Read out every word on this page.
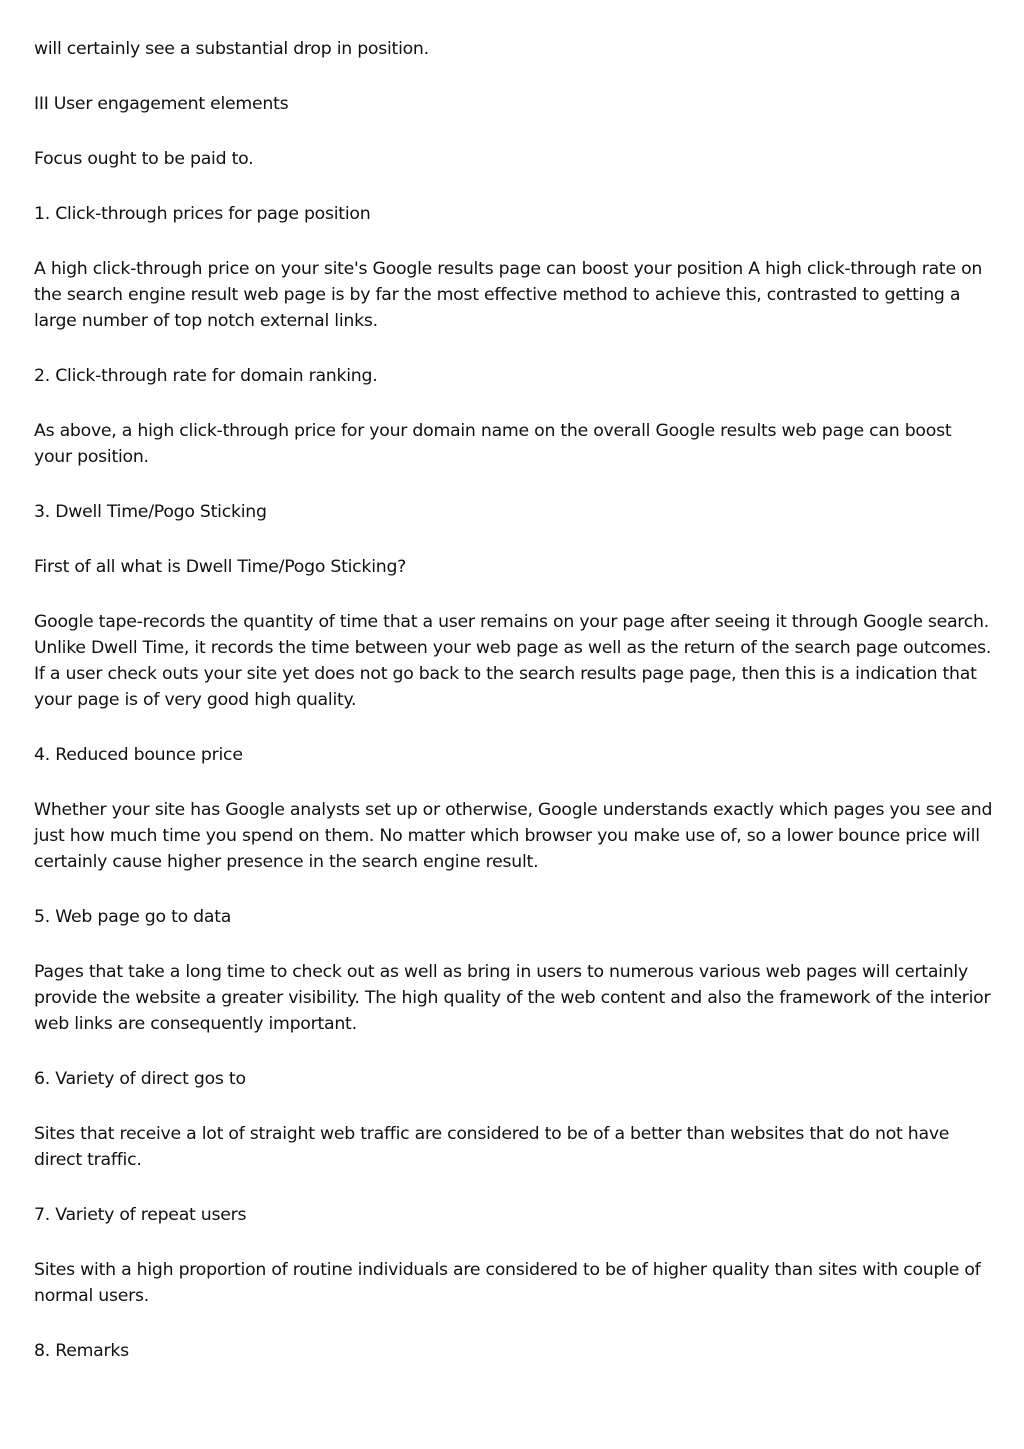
will certainly see a substantial drop in position.

III User engagement elements

Focus ought to be paid to.

1. Click-through prices for page position

A high click-through price on your site's Google results page can boost your position A high click-through rate on the search engine result web page is by far the most effective method to achieve this, contrasted to getting a large number of top notch external links.

2. Click-through rate for domain ranking.

As above, a high click-through price for your domain name on the overall Google results web page can boost your position.

3. Dwell Time/Pogo Sticking

First of all what is Dwell Time/Pogo Sticking?

Google tape-records the quantity of time that a user remains on your page after seeing it through Google search. Unlike Dwell Time, it records the time between your web page as well as the return of the search page outcomes. If a user check outs your site yet does not go back to the search results page page, then this is a indication that your page is of very good high quality.

4. Reduced bounce price

Whether your site has Google analysts set up or otherwise, Google understands exactly which pages you see and just how much time you spend on them. No matter which browser you make use of, so a lower bounce price will certainly cause higher presence in the search engine result.

5. Web page go to data

Pages that take a long time to check out as well as bring in users to numerous various web pages will certainly provide the website a greater visibility. The high quality of the web content and also the framework of the interior web links are consequently important.

6. Variety of direct gos to

Sites that receive a lot of straight web traffic are considered to be of a better than websites that do not have direct traffic.

7. Variety of repeat users

Sites with a high proportion of routine individuals are considered to be of higher quality than sites with couple of normal users.

8. Remarks
